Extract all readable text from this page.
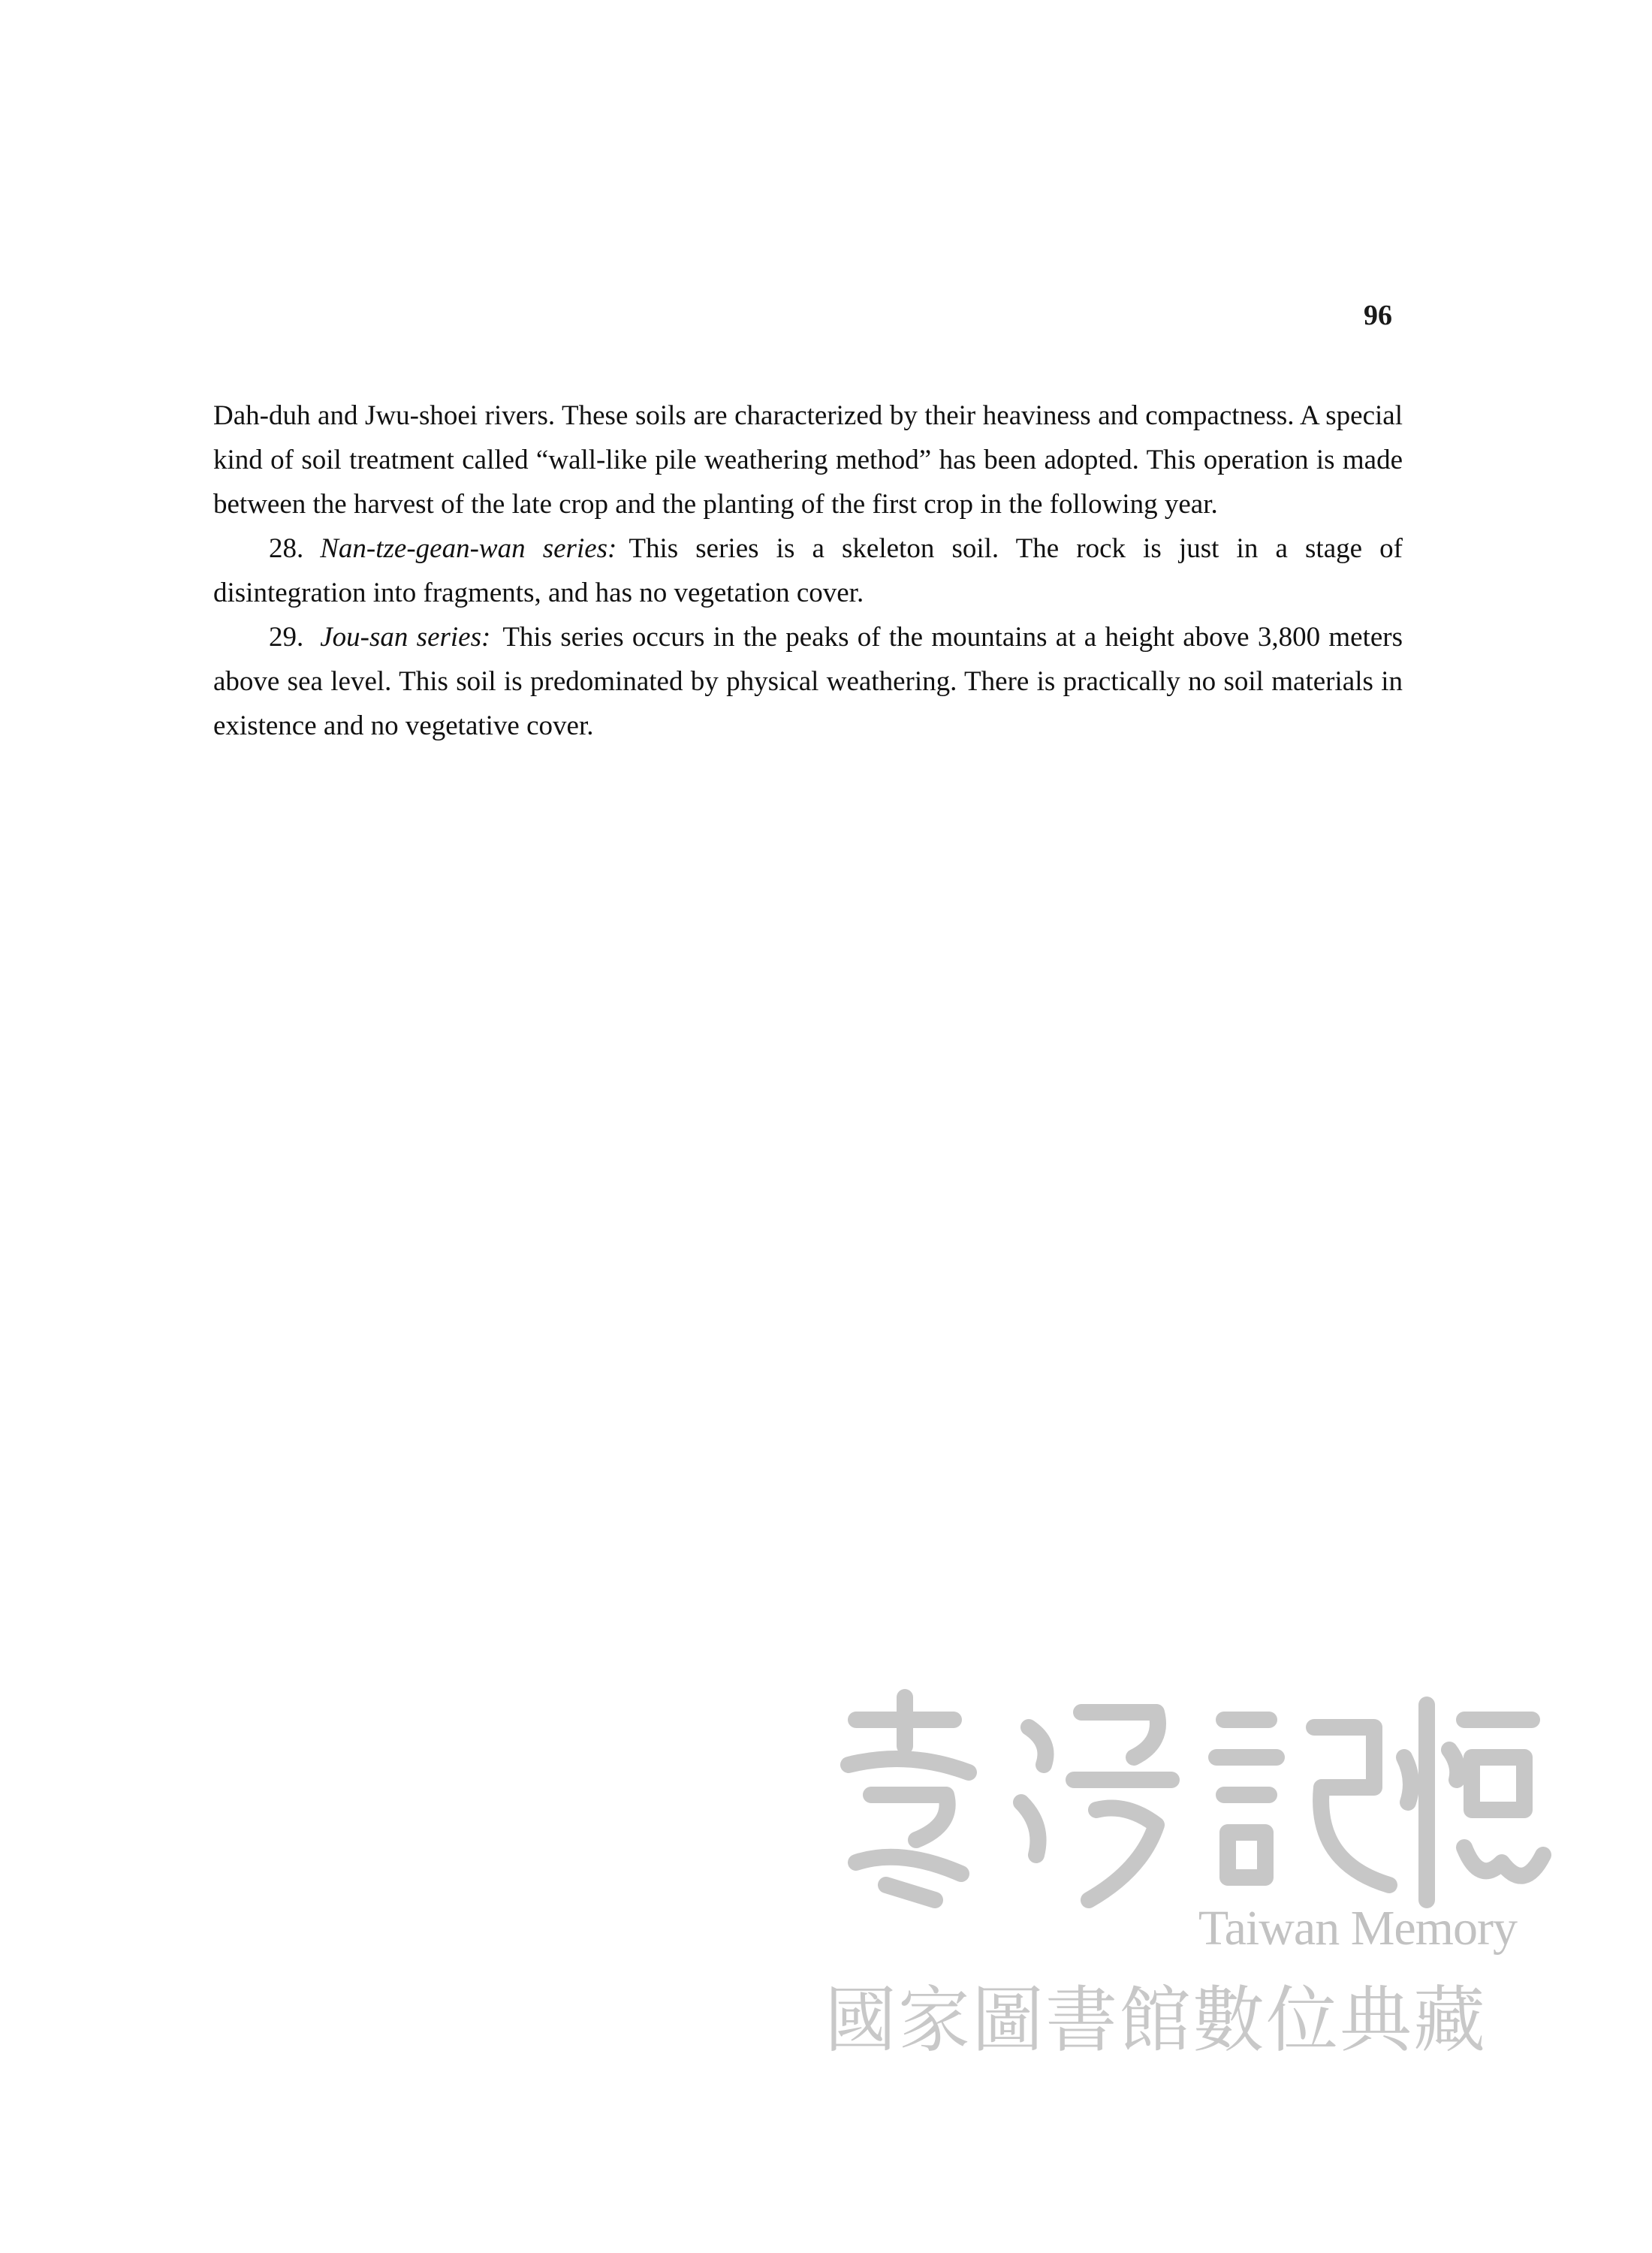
96

Dah-duh and Jwu-shoei rivers. These soils are characterized by their heaviness and compactness. A special kind of soil treatment called “wall-like pile weathering method” has been adopted. This operation is made between the harvest of the late crop and the planting of the first crop in the following year.

28. Nan-tze-gean-wan series: This series is a skeleton soil. The rock is just in a stage of disintegration into fragments, and has no vegetation cover.

29. Jou-san series: This series occurs in the peaks of the mountains at a height above 3,800 meters above sea level. This soil is predominated by physical weathering. There is practically no soil materials in existence and no vegetative cover.

Taiwan Memory
國家圖書館數位典藏
